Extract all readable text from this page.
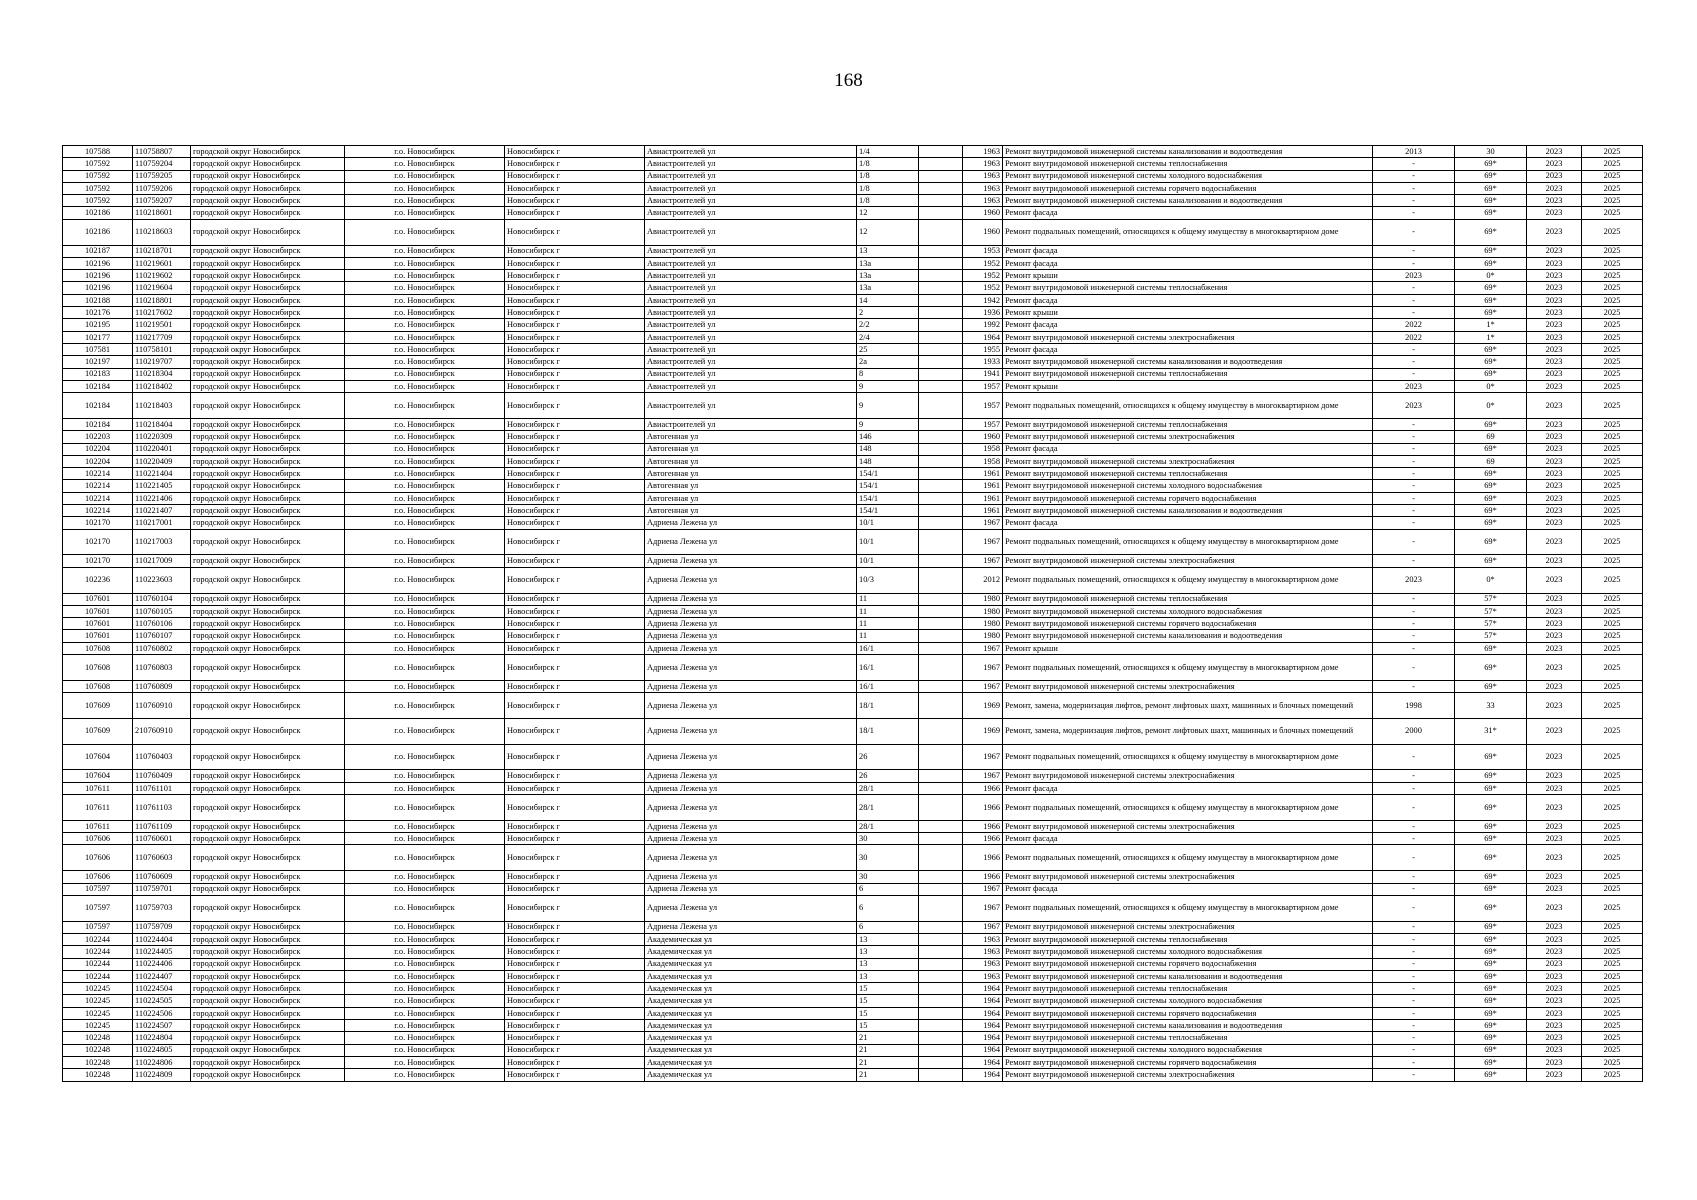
168
107588	110758807	городской округ Новосибирск	г.о. Новосибирск	Новосибирск г	Авиастроителей ул	1/4		1963	Ремонт внутридомовой инженерной системы канализования и водоотведения	2013	30	2023	2025
107592	110759204	городской округ Новосибирск	г.о. Новосибирск	Новосибирск г	Авиастроителей ул	1/8		1963	Ремонт внутридомовой инженерной системы теплоснабжения	-	69*	2023	2025
107592	110759205	городской округ Новосибирск	г.о. Новосибирск	Новосибирск г	Авиастроителей ул	1/8		1963	Ремонт внутридомовой инженерной системы холодного водоснабжения	-	69*	2023	2025
107592	110759206	городской округ Новосибирск	г.о. Новосибирск	Новосибирск г	Авиастроителей ул	1/8		1963	Ремонт внутридомовой инженерной системы горячего водоснабжения	-	69*	2023	2025
107592	110759207	городской округ Новосибирск	г.о. Новосибирск	Новосибирск г	Авиастроителей ул	1/8		1963	Ремонт внутридомовой инженерной системы канализования и водоотведения	-	69*	2023	2025
102186	110218601	городской округ Новосибирск	г.о. Новосибирск	Новосибирск г	Авиастроителей ул	12		1960	Ремонт фасада	-	69*	2023	2025
102186	110218603	городской округ Новосибирск	г.о. Новосибирск	Новосибирск г	Авиастроителей ул	12		1960	Ремонт подвальных помещений, относящихся к общему имуществу в многоквартирном доме	-	69*	2023	2025
102187	110218701	городской округ Новосибирск	г.о. Новосибирск	Новосибирск г	Авиастроителей ул	13		1953	Ремонт фасада	-	69*	2023	2025
102196	110219601	городской округ Новосибирск	г.о. Новосибирск	Новосибирск г	Авиастроителей ул	13а		1952	Ремонт фасада	-	69*	2023	2025
102196	110219602	городской округ Новосибирск	г.о. Новосибирск	Новосибирск г	Авиастроителей ул	13а		1952	Ремонт крыши	2023	0*	2023	2025
102196	110219604	городской округ Новосибирск	г.о. Новосибирск	Новосибирск г	Авиастроителей ул	13а		1952	Ремонт внутридомовой инженерной системы теплоснабжения	-	69*	2023	2025
102188	110218801	городской округ Новосибирск	г.о. Новосибирск	Новосибирск г	Авиастроителей ул	14		1942	Ремонт фасада	-	69*	2023	2025
102176	110217602	городской округ Новосибирск	г.о. Новосибирск	Новосибирск г	Авиастроителей ул	2		1936	Ремонт крыши	-	69*	2023	2025
102195	110219501	городской округ Новосибирск	г.о. Новосибирск	Новосибирск г	Авиастроителей ул	2/2		1992	Ремонт фасада	2022	1*	2023	2025
102177	110217709	городской округ Новосибирск	г.о. Новосибирск	Новосибирск г	Авиастроителей ул	2/4		1964	Ремонт внутридомовой инженерной системы электроснабжения	2022	1*	2023	2025
107581	110758101	городской округ Новосибирск	г.о. Новосибирск	Новосибирск г	Авиастроителей ул	25		1955	Ремонт фасада	-	69*	2023	2025
102197	110219707	городской округ Новосибирск	г.о. Новосибирск	Новосибирск г	Авиастроителей ул	2а		1933	Ремонт внутридомовой инженерной системы канализования и водоотведения	-	69*	2023	2025
102183	110218304	городской округ Новосибирск	г.о. Новосибирск	Новосибирск г	Авиастроителей ул	8		1941	Ремонт внутридомовой инженерной системы теплоснабжения	-	69*	2023	2025
102184	110218402	городской округ Новосибирск	г.о. Новосибирск	Новосибирск г	Авиастроителей ул	9		1957	Ремонт крыши	2023	0*	2023	2025
102184	110218403	городской округ Новосибирск	г.о. Новосибирск	Новосибирск г	Авиастроителей ул	9		1957	Ремонт подвальных помещений, относящихся к общему имуществу в многоквартирном доме	2023	0*	2023	2025
102184	110218404	городской округ Новосибирск	г.о. Новосибирск	Новосибирск г	Авиастроителей ул	9		1957	Ремонт внутридомовой инженерной системы теплоснабжения	-	69*	2023	2025
102203	110220309	городской округ Новосибирск	г.о. Новосибирск	Новосибирск г	Автогенная ул	146		1960	Ремонт внутридомовой инженерной системы электроснабжения	-	69	2023	2025
102204	110220401	городской округ Новосибирск	г.о. Новосибирск	Новосибирск г	Автогенная ул	148		1958	Ремонт фасада	-	69*	2023	2025
102204	110220409	городской округ Новосибирск	г.о. Новосибирск	Новосибирск г	Автогенная ул	148		1958	Ремонт внутридомовой инженерной системы электроснабжения	-	69	2023	2025
102214	110221404	городской округ Новосибирск	г.о. Новосибирск	Новосибирск г	Автогенная ул	154/1		1961	Ремонт внутридомовой инженерной системы теплоснабжения	-	69*	2023	2025
102214	110221405	городской округ Новосибирск	г.о. Новосибирск	Новосибирск г	Автогенная ул	154/1		1961	Ремонт внутридомовой инженерной системы холодного водоснабжения	-	69*	2023	2025
102214	110221406	городской округ Новосибирск	г.о. Новосибирск	Новосибирск г	Автогенная ул	154/1		1961	Ремонт внутридомовой инженерной системы горячего водоснабжения	-	69*	2023	2025
102214	110221407	городской округ Новосибирск	г.о. Новосибирск	Новосибирск г	Автогенная ул	154/1		1961	Ремонт внутридомовой инженерной системы канализования и водоотведения	-	69*	2023	2025
102170	110217001	городской округ Новосибирск	г.о. Новосибирск	Новосибирск г	Адриена Лежена ул	10/1		1967	Ремонт фасада	-	69*	2023	2025
102170	110217003	городской округ Новосибирск	г.о. Новосибирск	Новосибирск г	Адриена Лежена ул	10/1		1967	Ремонт подвальных помещений, относящихся к общему имуществу в многоквартирном доме	-	69*	2023	2025
102170	110217009	городской округ Новосибирск	г.о. Новосибирск	Новосибирск г	Адриена Лежена ул	10/1		1967	Ремонт внутридомовой инженерной системы электроснабжения	-	69*	2023	2025
102236	110223603	городской округ Новосибирск	г.о. Новосибирск	Новосибирск г	Адриена Лежена ул	10/3		2012	Ремонт подвальных помещений, относящихся к общему имуществу в многоквартирном доме	2023	0*	2023	2025
107601	110760104	городской округ Новосибирск	г.о. Новосибирск	Новосибирск г	Адриена Лежена ул	11		1980	Ремонт внутридомовой инженерной системы теплоснабжения	-	57*	2023	2025
107601	110760105	городской округ Новосибирск	г.о. Новосибирск	Новосибирск г	Адриена Лежена ул	11		1980	Ремонт внутридомовой инженерной системы холодного водоснабжения	-	57*	2023	2025
107601	110760106	городской округ Новосибирск	г.о. Новосибирск	Новосибирск г	Адриена Лежена ул	11		1980	Ремонт внутридомовой инженерной системы горячего водоснабжения	-	57*	2023	2025
107601	110760107	городской округ Новосибирск	г.о. Новосибирск	Новосибирск г	Адриена Лежена ул	11		1980	Ремонт внутридомовой инженерной системы канализования и водоотведения	-	57*	2023	2025
107608	110760802	городской округ Новосибирск	г.о. Новосибирск	Новосибирск г	Адриена Лежена ул	16/1		1967	Ремонт крыши	-	69*	2023	2025
107608	110760803	городской округ Новосибирск	г.о. Новосибирск	Новосибирск г	Адриена Лежена ул	16/1		1967	Ремонт подвальных помещений, относящихся к общему имуществу в многоквартирном доме	-	69*	2023	2025
107608	110760809	городской округ Новосибирск	г.о. Новосибирск	Новосибирск г	Адриена Лежена ул	16/1		1967	Ремонт внутридомовой инженерной системы электроснабжения	-	69*	2023	2025
107609	110760910	городской округ Новосибирск	г.о. Новосибирск	Новосибирск г	Адриена Лежена ул	18/1		1969	Ремонт, замена, модернизация лифтов, ремонт лифтовых шахт, машинных и блочных помещений	1998	33	2023	2025
107609	210760910	городской округ Новосибирск	г.о. Новосибирск	Новосибирск г	Адриена Лежена ул	18/1		1969	Ремонт, замена, модернизация лифтов, ремонт лифтовых шахт, машинных и блочных помещений	2000	31*	2023	2025
107604	110760403	городской округ Новосибирск	г.о. Новосибирск	Новосибирск г	Адриена Лежена ул	26		1967	Ремонт подвальных помещений, относящихся к общему имуществу в многоквартирном доме	-	69*	2023	2025
107604	110760409	городской округ Новосибирск	г.о. Новосибирск	Новосибирск г	Адриена Лежена ул	26		1967	Ремонт внутридомовой инженерной системы электроснабжения	-	69*	2023	2025
107611	110761101	городской округ Новосибирск	г.о. Новосибирск	Новосибирск г	Адриена Лежена ул	28/1		1966	Ремонт фасада	-	69*	2023	2025
107611	110761103	городской округ Новосибирск	г.о. Новосибирск	Новосибирск г	Адриена Лежена ул	28/1		1966	Ремонт подвальных помещений, относящихся к общему имуществу в многоквартирном доме	-	69*	2023	2025
107611	110761109	городской округ Новосибирск	г.о. Новосибирск	Новосибирск г	Адриена Лежена ул	28/1		1966	Ремонт внутридомовой инженерной системы электроснабжения	-	69*	2023	2025
107606	110760601	городской округ Новосибирск	г.о. Новосибирск	Новосибирск г	Адриена Лежена ул	30		1966	Ремонт фасада	-	69*	2023	2025
107606	110760603	городской округ Новосибирск	г.о. Новосибирск	Новосибирск г	Адриена Лежена ул	30		1966	Ремонт подвальных помещений, относящихся к общему имуществу в многоквартирном доме	-	69*	2023	2025
107606	110760609	городской округ Новосибирск	г.о. Новосибирск	Новосибирск г	Адриена Лежена ул	30		1966	Ремонт внутридомовой инженерной системы электроснабжения	-	69*	2023	2025
107597	110759701	городской округ Новосибирск	г.о. Новосибирск	Новосибирск г	Адриена Лежена ул	6		1967	Ремонт фасада	-	69*	2023	2025
107597	110759703	городской округ Новосибирск	г.о. Новосибирск	Новосибирск г	Адриена Лежена ул	6		1967	Ремонт подвальных помещений, относящихся к общему имуществу в многоквартирном доме	-	69*	2023	2025
107597	110759709	городской округ Новосибирск	г.о. Новосибирск	Новосибирск г	Адриена Лежена ул	6		1967	Ремонт внутридомовой инженерной системы электроснабжения	-	69*	2023	2025
102244	110224404	городской округ Новосибирск	г.о. Новосибирск	Новосибирск г	Академическая ул	13		1963	Ремонт внутридомовой инженерной системы теплоснабжения	-	69*	2023	2025
102244	110224405	городской округ Новосибирск	г.о. Новосибирск	Новосибирск г	Академическая ул	13		1963	Ремонт внутридомовой инженерной системы холодного водоснабжения	-	69*	2023	2025
102244	110224406	городской округ Новосибирск	г.о. Новосибирск	Новосибирск г	Академическая ул	13		1963	Ремонт внутридомовой инженерной системы горячего водоснабжения	-	69*	2023	2025
102244	110224407	городской округ Новосибирск	г.о. Новосибирск	Новосибирск г	Академическая ул	13		1963	Ремонт внутридомовой инженерной системы канализования и водоотведения	-	69*	2023	2025
102245	110224504	городской округ Новосибирск	г.о. Новосибирск	Новосибирск г	Академическая ул	15		1964	Ремонт внутридомовой инженерной системы теплоснабжения	-	69*	2023	2025
102245	110224505	городской округ Новосибирск	г.о. Новосибирск	Новосибирск г	Академическая ул	15		1964	Ремонт внутридомовой инженерной системы холодного водоснабжения	-	69*	2023	2025
102245	110224506	городской округ Новосибирск	г.о. Новосибирск	Новосибирск г	Академическая ул	15		1964	Ремонт внутридомовой инженерной системы горячего водоснабжения	-	69*	2023	2025
102245	110224507	городской округ Новосибирск	г.о. Новосибирск	Новосибирск г	Академическая ул	15		1964	Ремонт внутридомовой инженерной системы канализования и водоотведения	-	69*	2023	2025
102248	110224804	городской округ Новосибирск	г.о. Новосибирск	Новосибирск г	Академическая ул	21		1964	Ремонт внутридомовой инженерной системы теплоснабжения	-	69*	2023	2025
102248	110224805	городской округ Новосибирск	г.о. Новосибирск	Новосибирск г	Академическая ул	21		1964	Ремонт внутридомовой инженерной системы холодного водоснабжения	-	69*	2023	2025
102248	110224806	городской округ Новосибирск	г.о. Новосибирск	Новосибирск г	Академическая ул	21		1964	Ремонт внутридомовой инженерной системы горячего водоснабжения	-	69*	2023	2025
102248	110224809	городской округ Новосибирск	г.о. Новосибирск	Новосибирск г	Академическая ул	21		1964	Ремонт внутридомовой инженерной системы электроснабжения	-	69*	2023	2025
